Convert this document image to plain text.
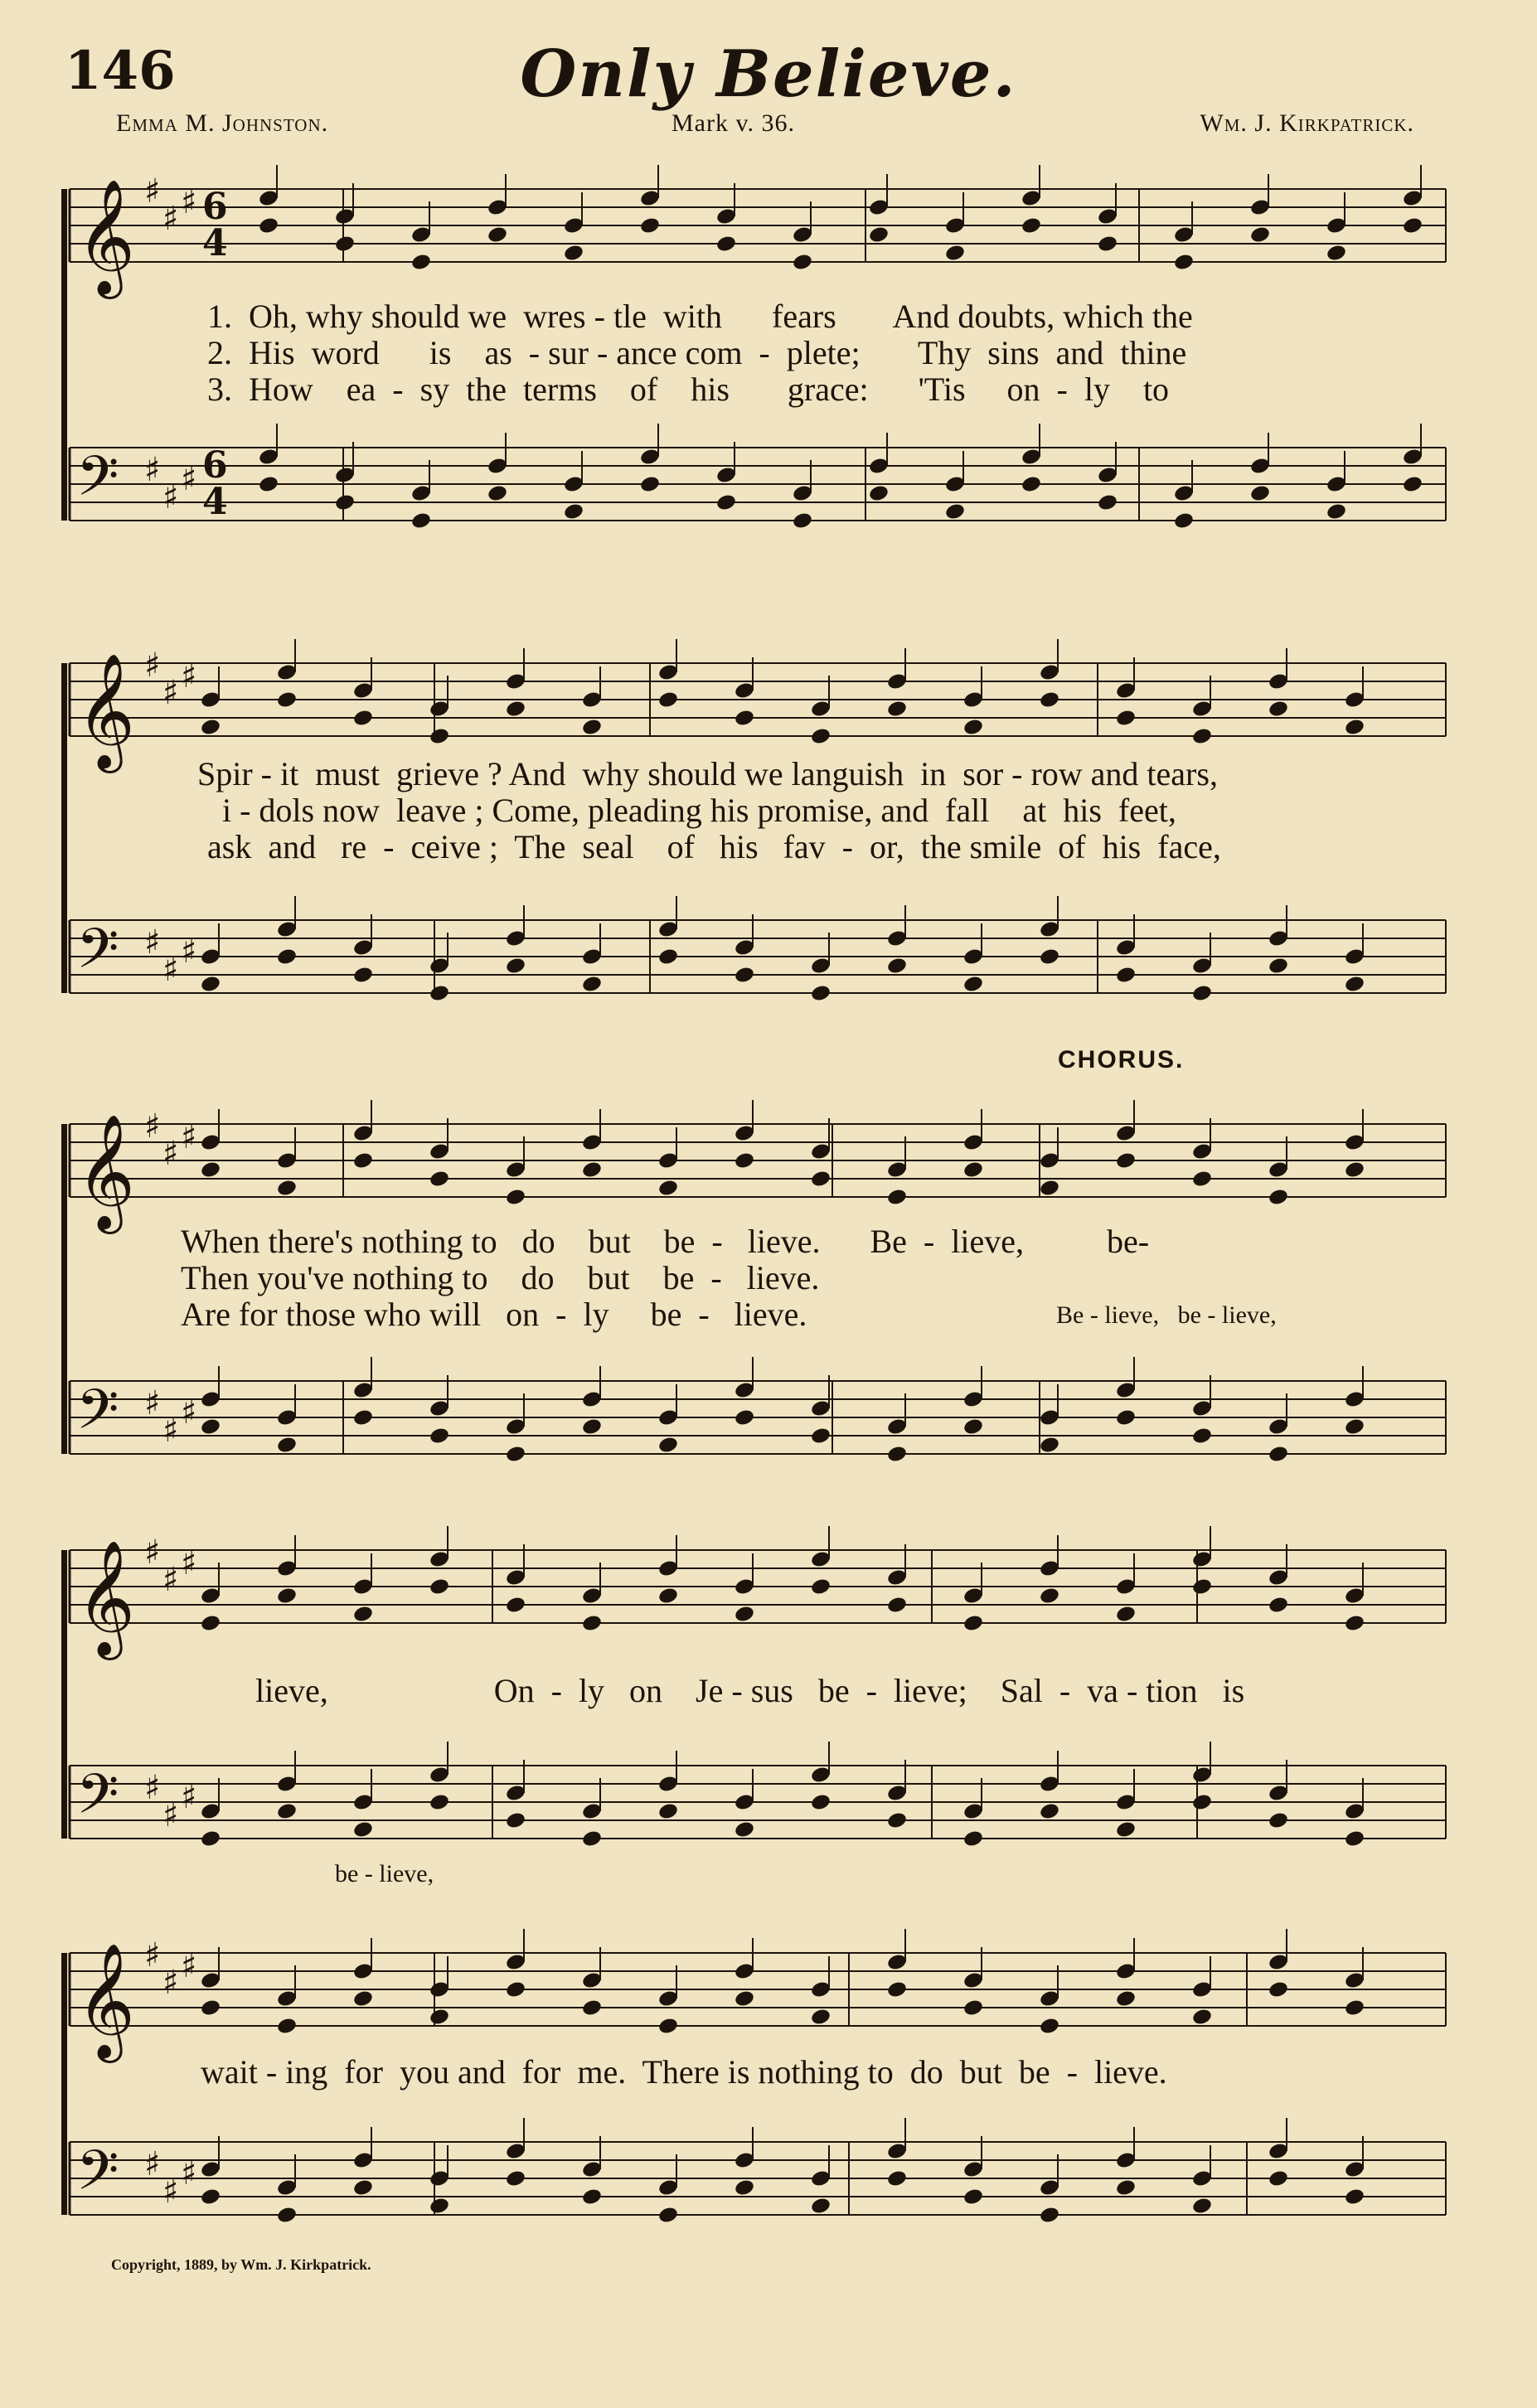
146	Only Believe.
Emma M. Johnston.	Mark v. 36.	Wm. J. Kirkpatrick.
𝄞 ♯
♯ ♯ 6
4
𝄢 ♯
♯ ♯ 6
4
1.  Oh, why should we  wres - tle  with      fears       And doubts, which the
2.  His  word      is    as  - sur - ance com  -  plete;       Thy  sins  and  thine
3.  How    ea  -  sy  the  terms    of    his       grace:      'Tis     on  -  ly    to
𝄞 ♯
♯ ♯
𝄢 ♯
♯ ♯
Spir - it  must  grieve ? And  why should we languish  in  sor - row and tears,
i - dols now  leave ; Come, pleading his promise, and  fall    at  his  feet,
ask  and   re  -  ceive ;  The  seal    of   his   fav  -  or,  the smile  of  his  face,
𝄞 ♯
♯ ♯
𝄢 ♯
♯ ♯
CHORUS.
When there's nothing to   do    but    be  -   lieve.      Be  -  lieve,          be-
Then you've nothing to    do    but    be  -   lieve.
Are for those who will   on  -  ly     be  -   lieve.	Be - lieve,   be - lieve,
𝄞 ♯
♯ ♯
𝄢 ♯
♯ ♯
lieve,                    On  -  ly   on    Je - sus   be  -  lieve;    Sal  -  va - tion   is
be - lieve,
𝄞 ♯
♯ ♯
𝄢 ♯
♯ ♯
wait - ing  for  you and  for  me.  There is nothing to  do  but  be  -  lieve.
Copyright, 1889, by Wm. J. Kirkpatrick.
